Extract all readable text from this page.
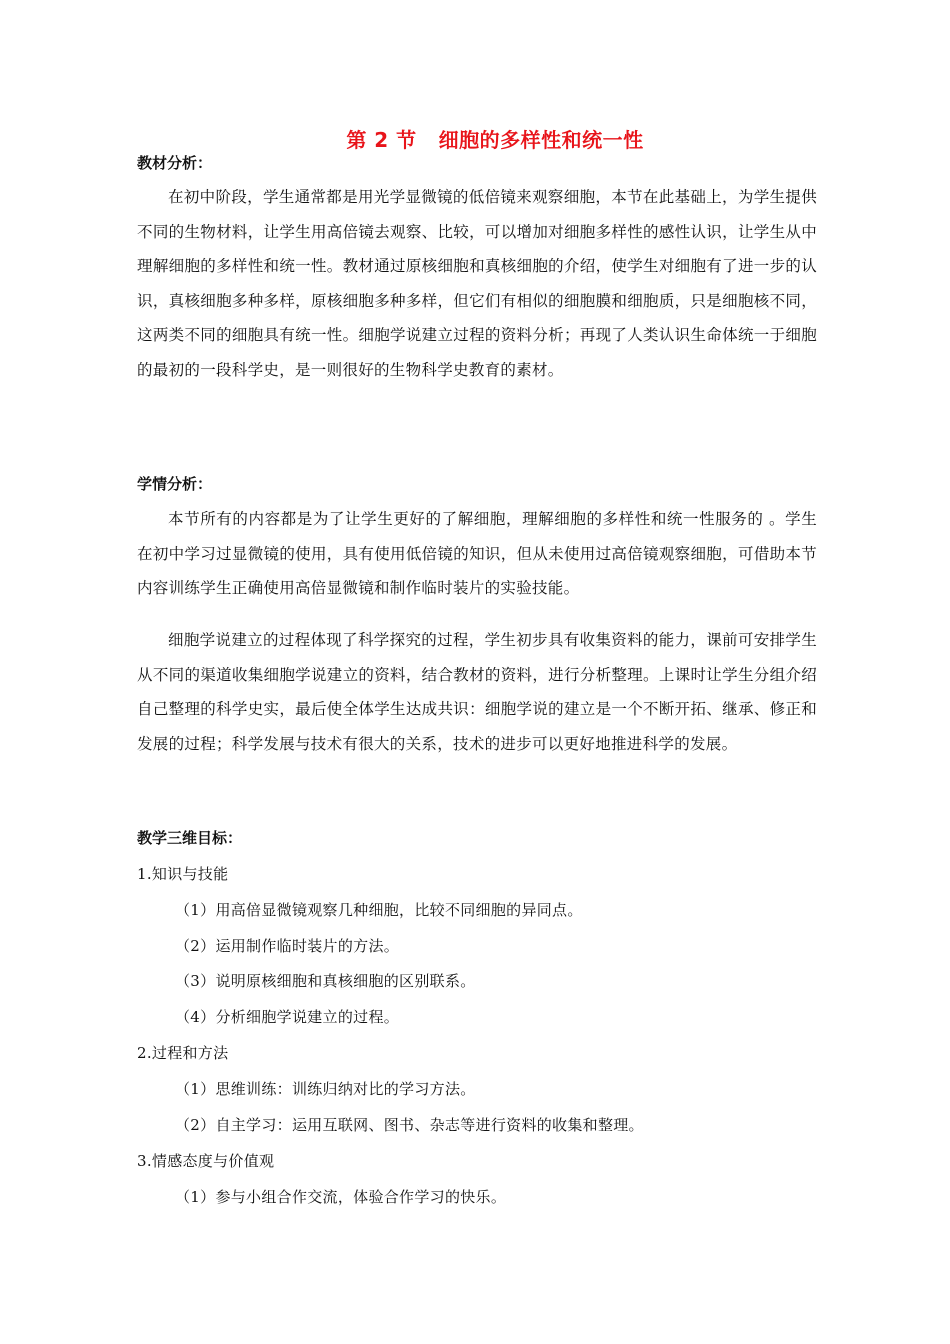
第 2 节 细胞的多样性和统一性
教材分析：
在初中阶段，学生通常都是用光学显微镜的低倍镜来观察细胞，本节在此基础上，为学生提供不同的生物材料，让学生用高倍镜去观察、比较，可以增加对细胞多样性的感性认识，让学生从中理解细胞的多样性和统一性。教材通过原核细胞和真核细胞的介绍，使学生对细胞有了进一步的认识，真核细胞多种多样，原核细胞多种多样，但它们有相似的细胞膜和细胞质，只是细胞核不同，这两类不同的细胞具有统一性。细胞学说建立过程的资料分析；再现了人类认识生命体统一于细胞的最初的一段科学史，是一则很好的生物科学史教育的素材。
学情分析：
本节所有的内容都是为了让学生更好的了解细胞，理解细胞的多样性和统一性服务的 。学生在初中学习过显微镜的使用，具有使用低倍镜的知识，但从未使用过高倍镜观察细胞，可借助本节内容训练学生正确使用高倍显微镜和制作临时装片的实验技能。
细胞学说建立的过程体现了科学探究的过程，学生初步具有收集资料的能力，课前可安排学生从不同的渠道收集细胞学说建立的资料，结合教材的资料，进行分析整理。上课时让学生分组介绍自己整理的科学史实，最后使全体学生达成共识：细胞学说的建立是一个不断开拓、继承、修正和发展的过程；科学发展与技术有很大的关系，技术的进步可以更好地推进科学的发展。
教学三维目标：
1.知识与技能
（1）用高倍显微镜观察几种细胞，比较不同细胞的异同点。
（2）运用制作临时装片的方法。
（3）说明原核细胞和真核细胞的区别联系。
（4）分析细胞学说建立的过程。
2.过程和方法
（1）思维训练：训练归纳对比的学习方法。
（2）自主学习：运用互联网、图书、杂志等进行资料的收集和整理。
3.情感态度与价值观
（1）参与小组合作交流，体验合作学习的快乐。
